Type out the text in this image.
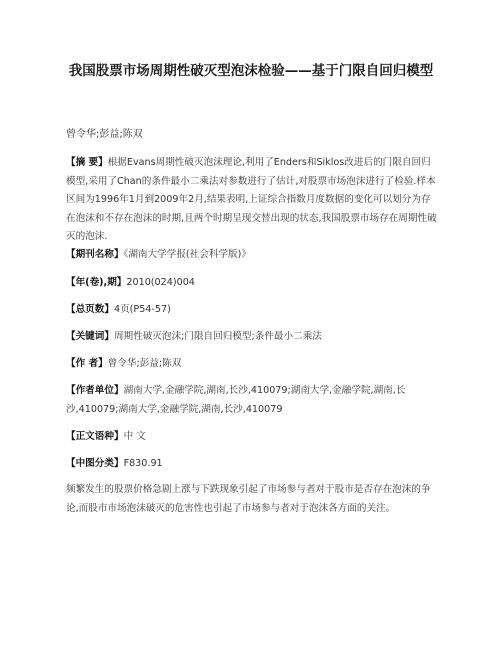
我国股票市场周期性破灭型泡沫检验——基于门限自回归模型
曾令华;彭益;陈双
【摘 要】根据Evans周期性破灭泡沫理论,利用了Enders和Siklos改进后的门限自回归模型,采用了Chan的条件最小二乘法对参数进行了估计,对股票市场泡沫进行了检验.样本区间为1996年1月到2009年2月,结果表明,上证综合指数月度数据的变化可以划分为存在泡沫和不存在泡沫的时期,且两个时期呈现交替出现的状态,我国股票市场存在周期性破灭的泡沫.
【期刊名称】《湖南大学学报(社会科学版)》
【年(卷),期】2010(024)004
【总页数】4页(P54-57)
【关键词】周期性破灭泡沫;门限自回归模型;条件最小二乘法
【作 者】曾令华;彭益;陈双
【作者单位】湖南大学,金融学院,湖南,长沙,410079;湖南大学,金融学院,湖南,长沙,410079;湖南大学,金融学院,湖南,长沙,410079
【正文语种】中 文
【中图分类】F830.91
频繁发生的股票价格急剧上涨与下跌现象引起了市场参与者对于股市是否存在泡沫的争论,而股市市场泡沫破灭的危害性也引起了市场参与者对于泡沫各方面的关注。
